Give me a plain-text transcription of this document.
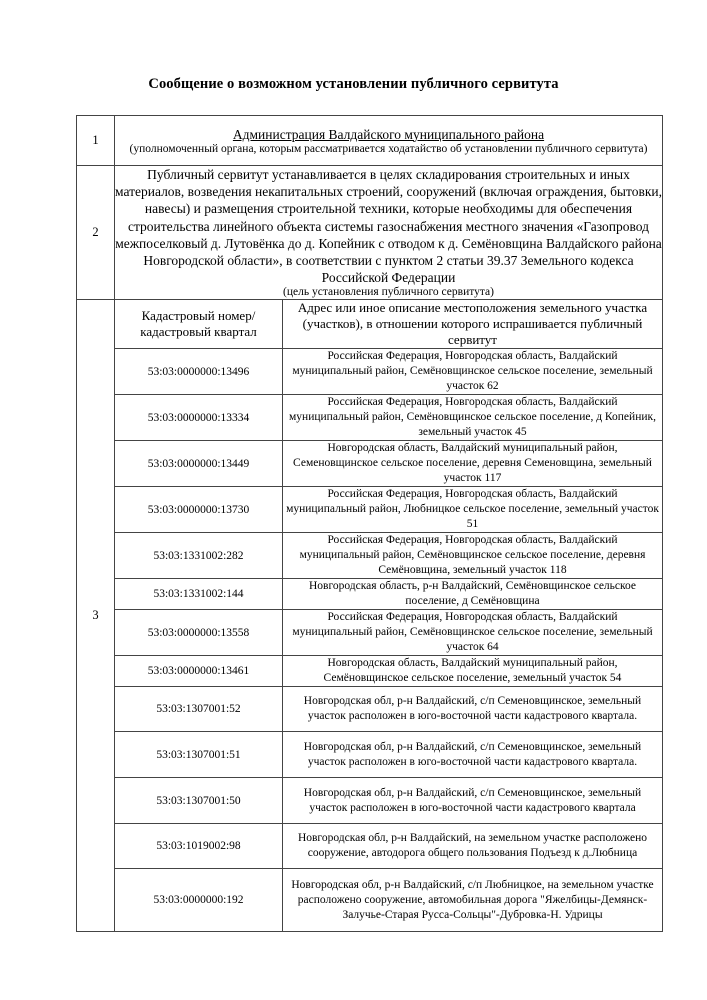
Сообщение о возможном установлении публичного сервитута
1	Администрация Валдайского муниципального района
(уполномоченный органа, которым рассматривается ходатайство об установлении публичного сервитута)

2	
Публичный сервитут устанавливается в целях складирования строительных и иных материалов, возведения некапитальных строений, сооружений (включая ограждения, бытовки, навесы) и размещения строительной техники, которые необходимы для обеспечения строительства линейного объекта системы газоснабжения местного значения «Газопровод межпоселковый д. Лутовёнка до д. Копейник с отводом к д. Семёновщина Валдайского района Новгородской области», в соответствии с пунктом 2 статьи 39.37 Земельного кодекса Российской Федерации
(цель установления публичного сервитута)

3	
Кадастровый номер/кадастровый квартал	Адрес или иное описание местоположения земельного участка (участков), в отношении которого испрашивается публичный сервитут
53:03:0000000:13496	Российская Федерация, Новгородская область, Валдайский муниципальный район, Семёновщинское сельское поселение, земельный участок 62
53:03:0000000:13334	Российская Федерация, Новгородская область, Валдайский муниципальный район, Семёновщинское сельское поселение, д Копейник, земельный участок 45
53:03:0000000:13449	Новгородская область, Валдайский муниципальный район, Семеновщинское сельское поселение, деревня Семеновщина, земельный участок 117
53:03:0000000:13730	Российская Федерация, Новгородская область, Валдайский муниципальный район, Любницкое сельское поселение, земельный участок 51
53:03:1331002:282	Российская Федерация, Новгородская область, Валдайский муниципальный район, Семёновщинское сельское поселение, деревня Семёновщина, земельный участок 118
53:03:1331002:144	Новгородская область, р-н Валдайский, Семёновщинское сельское поселение, д Семёновщина
53:03:0000000:13558	Российская Федерация, Новгородская область, Валдайский муниципальный район, Семёновщинское сельское поселение, земельный участок 64
53:03:0000000:13461	Новгородская область, Валдайский муниципальный район, Семёновщинское сельское поселение, земельный участок 54
53:03:1307001:52	Новгородская обл, р-н Валдайский, с/п Семеновщинское, земельный участок расположен в юго-восточной части кадастрового квартала.
53:03:1307001:51	Новгородская обл, р-н Валдайский, с/п Семеновщинское, земельный участок расположен в юго-восточной части кадастрового квартала.
53:03:1307001:50	Новгородская обл, р-н Валдайский, с/п Семеновщинское, земельный участок расположен в юго-восточной части кадастрового квартала
53:03:1019002:98	Новгородская обл, р-н Валдайский, на земельном участке расположено сооружение, автодорога общего пользования Подъезд к д.Любница
53:03:0000000:192	Новгородская обл, р-н Валдайский, с/п Любницкое, на земельном участке расположено сооружение, автомобильная дорога "Яжелбицы-Демянск-Залучье-Старая Русса-Сольцы"-Дубровка-Н. Удрицы
